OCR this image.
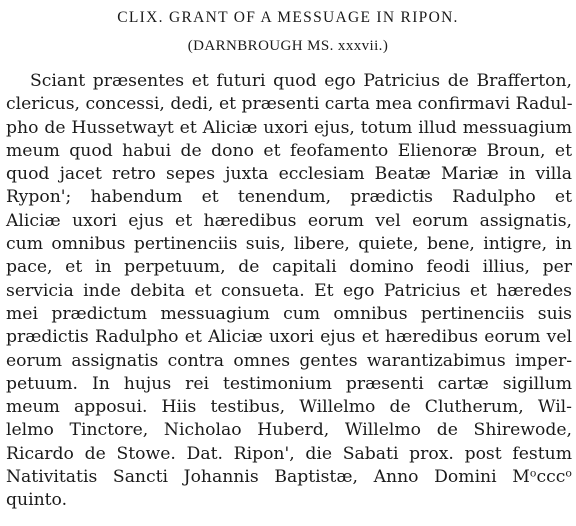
CLIX. GRANT OF A MESSUAGE IN RIPON.
(DARNBROUGH MS. xxxvii.)
Sciant præsentes et futuri quod ego Patricius de Brafferton,
clericus, concessi, dedi, et præsenti carta mea confirmavi Radul-
pho de Hussetwayt et Aliciæ uxori ejus, totum illud messuagium
meum quod habui de dono et feofamento Elienoræ Broun, et
quod jacet retro sepes juxta ecclesiam Beatæ Mariæ in villa
Rypon'; habendum et tenendum, prædictis Radulpho et
Aliciæ uxori ejus et hæredibus eorum vel eorum assignatis,
cum omnibus pertinenciis suis, libere, quiete, bene, intigre, in
pace, et in perpetuum, de capitali domino feodi illius, per
servicia inde debita et consueta. Et ego Patricius et hæredes
mei prædictum messuagium cum omnibus pertinenciis suis
prædictis Radulpho et Aliciæ uxori ejus et hæredibus eorum vel
eorum assignatis contra omnes gentes warantizabimus imper-
petuum. In hujus rei testimonium præsenti cartæ sigillum
meum apposui. Hiis testibus, Willelmo de Clutherum, Wil-
lelmo Tinctore, Nicholao Huberd, Willelmo de Shirewode,
Ricardo de Stowe. Dat. Ripon', die Sabati prox. post festum
Nativitatis Sancti Johannis Baptistæ, Anno Domini Mᵒcccᵒ
quinto.
